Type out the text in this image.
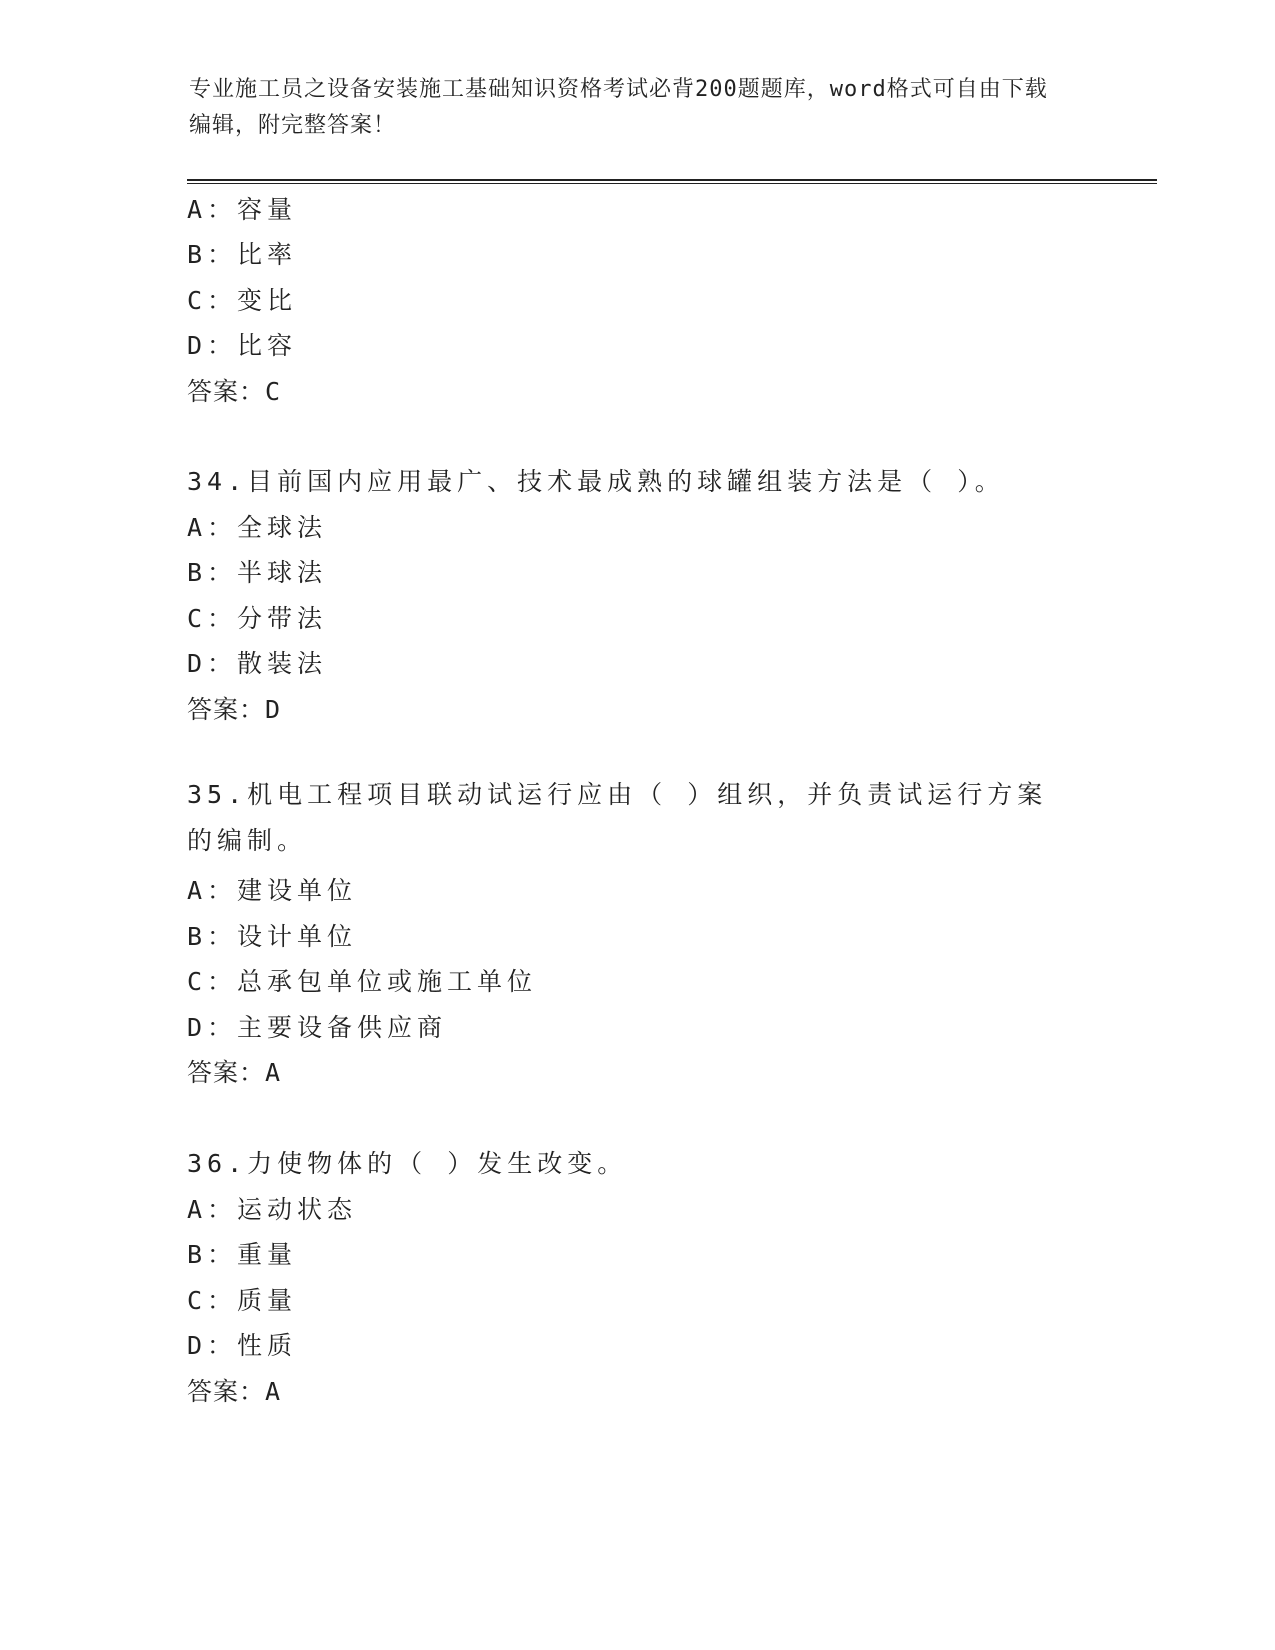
专业施工员之设备安装施工基础知识资格考试必背200题题库，word格式可自由下载编辑，附完整答案！
A：容量
B：比率
C：变比
D：比容
答案：C
34.目前国内应用最广、技术最成熟的球罐组装方法是（ ）。
A：全球法
B：半球法
C：分带法
D：散装法
答案：D
35.机电工程项目联动试运行应由（ ）组织，并负责试运行方案的编制。
A：建设单位
B：设计单位
C：总承包单位或施工单位
D：主要设备供应商
答案：A
36.力使物体的（ ）发生改变。
A：运动状态
B：重量
C：质量
D：性质
答案：A
